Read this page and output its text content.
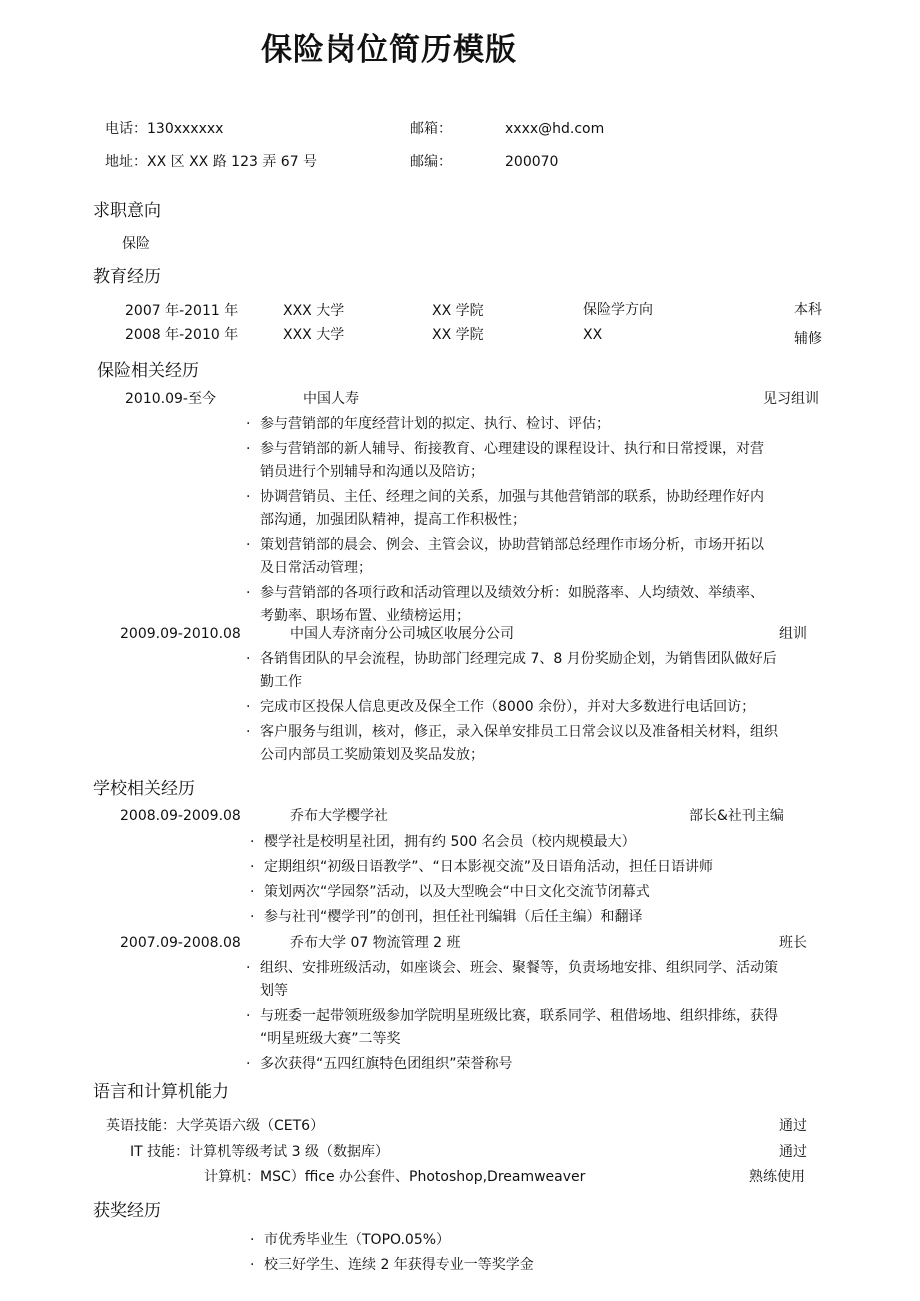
保险岗位简历模版
电话：130xxxxxx	邮箱：	xxxx@hd.com
地址：XX 区 XX 路 123 弄 67 号	邮编：	200070
求职意向
保险
教育经历
2007 年-2011 年	XXX 大学	XX 学院	保险学方向	本科
2008 年-2010 年	XXX 大学	XX 学院	XX	辅修
保险相关经历
2010.09-至今	中国人寿	见习组训
· 参与营销部的年度经营计划的拟定、执行、检讨、评估；
· 参与营销部的新人辅导、衔接教育、心理建设的课程设计、执行和日常授课，对营
销员进行个别辅导和沟通以及陪访；
· 协调营销员、主任、经理之间的关系，加强与其他营销部的联系，协助经理作好内
部沟通，加强团队精神，提高工作积极性；
· 策划营销部的晨会、例会、主管会议，协助营销部总经理作市场分析，市场开拓以
及日常活动管理；
· 参与营销部的各项行政和活动管理以及绩效分析：如脱落率、人均绩效、举绩率、
考勤率、职场布置、业绩榜运用；
2009.09-2010.08	中国人寿济南分公司城区收展分公司	组训
· 各销售团队的早会流程，协助部门经理完成 7、8 月份奖励企划，为销售团队做好后
勤工作
· 完成市区投保人信息更改及保全工作（8000 余份），并对大多数进行电话回访；
· 客户服务与组训，核对，修正，录入保单安排员工日常会议以及准备相关材料，组织
公司内部员工奖励策划及奖品发放；
学校相关经历
2008.09-2009.08	乔布大学樱学社	部长&社刊主编
· 樱学社是校明星社团，拥有约 500 名会员（校内规模最大）
· 定期组织“初级日语教学”、“日本影视交流”及日语角活动，担任日语讲师
· 策划两次“学园祭”活动，以及大型晚会“中日文化交流节闭幕式
· 参与社刊“樱学刊”的创刊，担任社刊编辑（后任主编）和翻译
2007.09-2008.08	乔布大学 07 物流管理 2 班	班长
· 组织、安排班级活动，如座谈会、班会、聚餐等，负责场地安排、组织同学、活动策
划等
· 与班委一起带领班级参加学院明星班级比赛，联系同学、租借场地、组织排练，获得
“明星班级大赛”二等奖
· 多次获得“五四红旗特色团组织”荣誉称号
语言和计算机能力
英语技能：大学英语六级（CET6）	通过
IT 技能：计算机等级考试 3 级（数据库）	通过
计算机：MSC）ffice 办公套件、Photoshop,Dreamweaver	熟练使用
获奖经历
· 市优秀毕业生（TOPO.05%）
· 校三好学生、连续 2 年获得专业一等奖学金
